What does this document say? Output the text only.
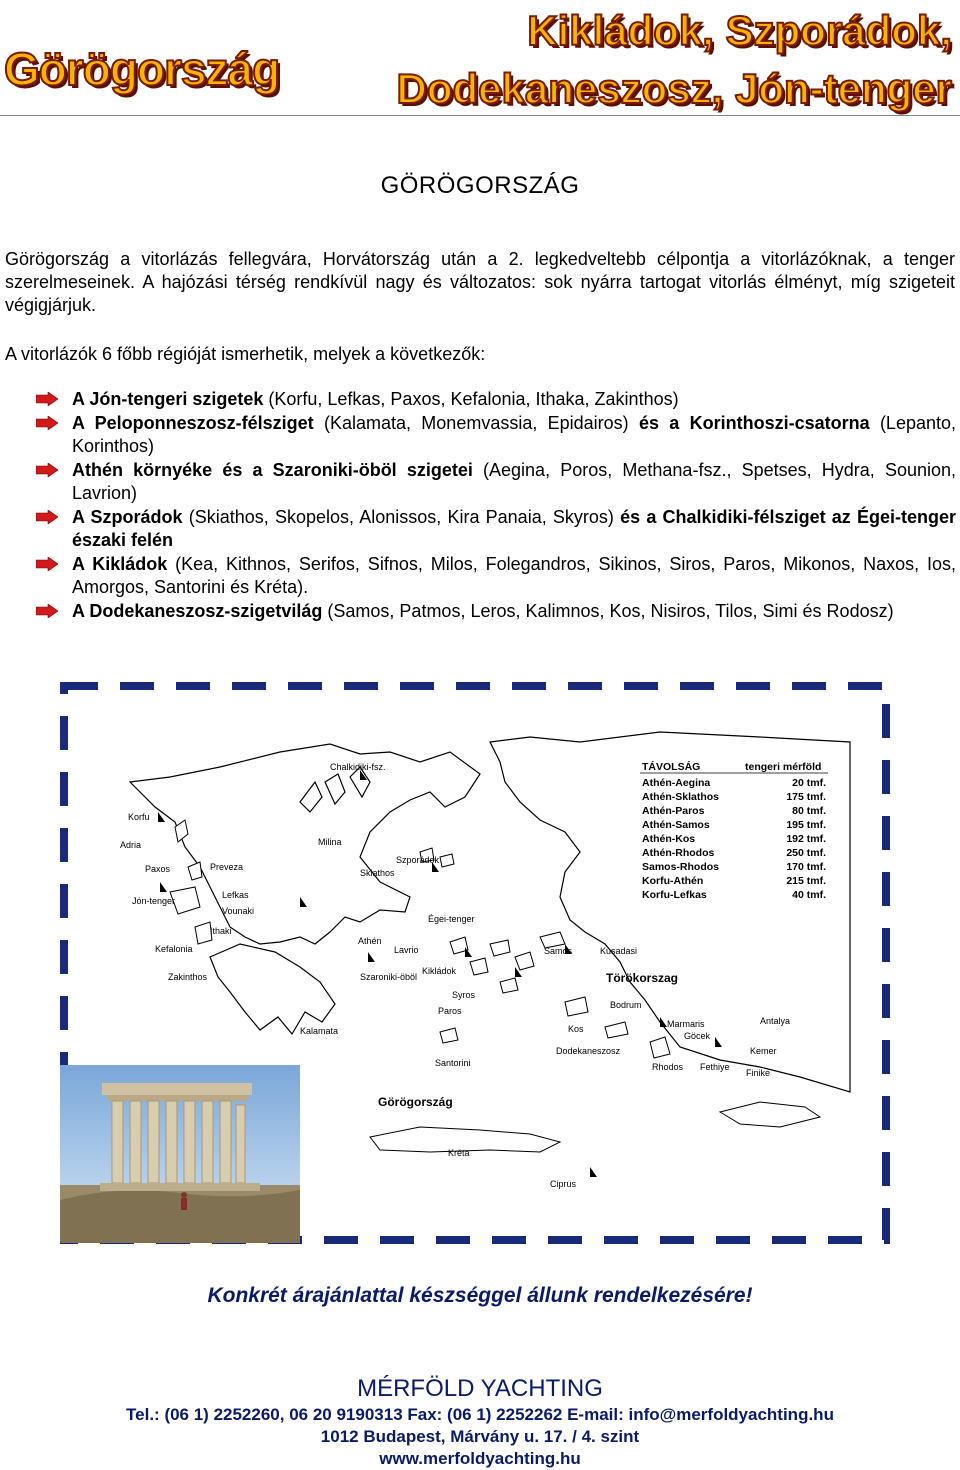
Görögország
Kikládok, Szporádok,
Dodekaneszosz, Jón-tenger
GÖRÖGORSZÁG
Görögország a vitorlázás fellegvára, Horvátország után a 2. legkedveltebb célpontja a vitorlázóknak, a tenger szerelmeseinek. A hajózási térség rendkívül nagy és változatos: sok nyárra tartogat vitorlás élményt, míg szigeteit végigjárjuk.
A vitorlázók 6 főbb régióját ismerhetik, melyek a következők:
A Jón-tengeri szigetek (Korfu, Lefkas, Paxos, Kefalonia, Ithaka, Zakinthos)
A Peloponneszosz-félsziget (Kalamata, Monemvassia, Epidairos) és a Korinthoszi-csatorna (Lepanto, Korinthos)
Athén környéke és a Szaroniki-öböl szigetei (Aegina, Poros, Methana-fsz., Spetses, Hydra, Sounion, Lavrion)
A Szporádok (Skiathos, Skopelos, Alonissos, Kira Panaia, Skyros) és a Chalkidiki-félsziget az Égei-tenger északi felén
A Kikládok (Kea, Kithnos, Serifos, Sifnos, Milos, Folegandros, Sikinos, Siros, Paros, Mikonos, Naxos, Ios, Amorgos, Santorini és Kréta).
A Dodekaneszosz-szigetvilág (Samos, Patmos, Leros, Kalimnos, Kos, Nisiros, Tilos, Simi és Rodosz)
Chalkidiki-fsz.
Korfu
Adria
Paxos	Preveza
Jón-tenger
Lefkas
Vounaki
Ithaki
Kefalonia
Zakinthos
Kalamata
Milina
Szporádok
Skiathos
Égei-tenger
Athén
Lavrio
Szaroniki-öböl
Kikládok
Syros
Paros
Santorini
Samos	Kusadasi
Törökorszag
Bodrum
Kos
Dodekaneszosz
Marmaris
Göcek
Fethiye
Antalya
Kemer
Finike
Rhodos
Görögország
Kréta
Ciprus
TÁVOLSÁG	tengeri mérföld
Athén-Aegina	20 tmf.
Athén-Sklathos	175 tmf.
Athén-Paros	80 tmf.
Athén-Samos	195 tmf.
Athén-Kos	192 tmf.
Athén-Rhodos	250 tmf.
Samos-Rhodos	170 tmf.
Korfu-Athén	215 tmf.
Korfu-Lefkas	40 tmf.
Konkrét árajánlattal készséggel állunk rendelkezésére!
MÉRFÖLD YACHTING
Tel.: (06 1) 2252260, 06 20 9190313 Fax: (06 1) 2252262 E-mail: info@merfoldyachting.hu
1012 Budapest, Márvány u. 17. / 4. szint
www.merfoldyachting.hu
